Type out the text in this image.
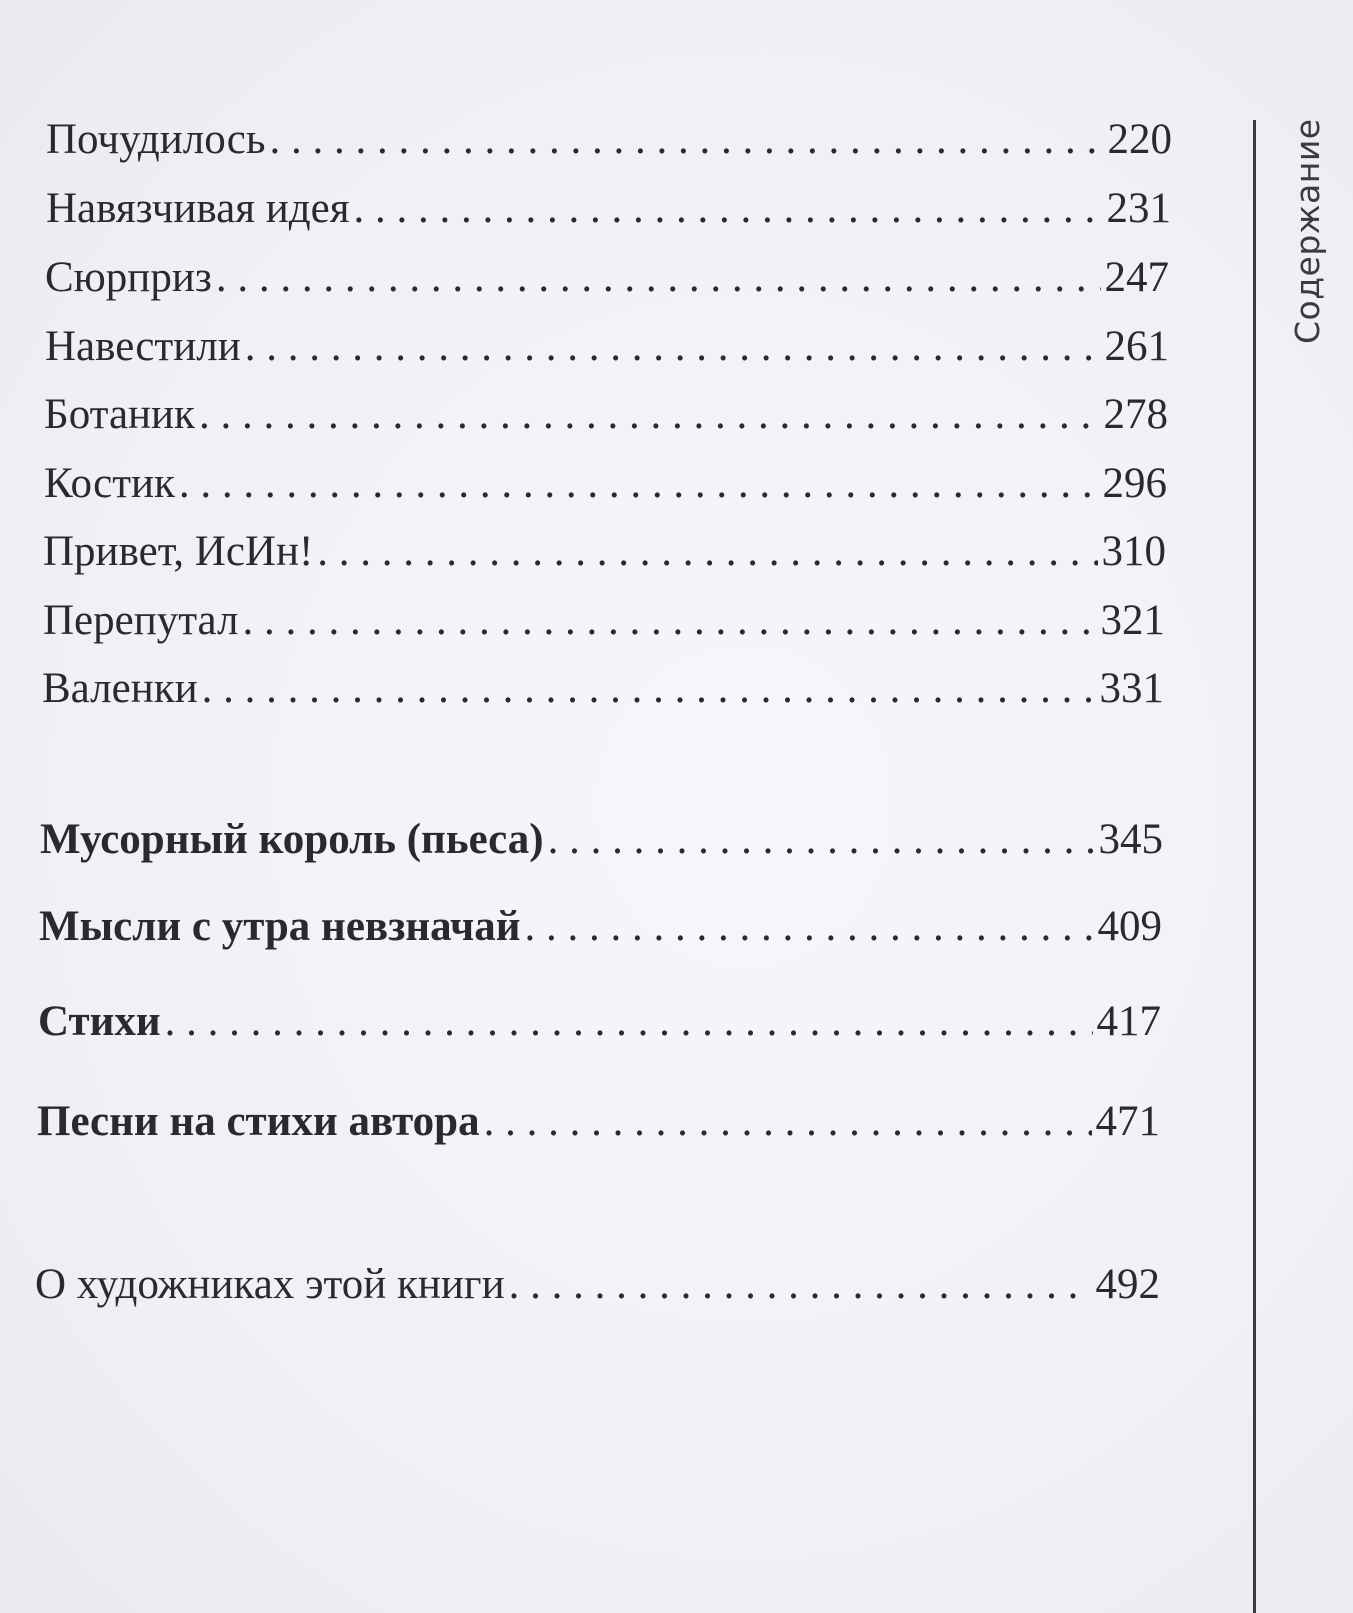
Почудилось . . .	220
Навязчивая идея . . .	231
Сюрприз . . .	247
Навестили . . .	261
Ботаник . . .	278
Костик . . .	296
Привет, ИсИн! . . .	310
Перепутал . . .	321
Валенки . . .	331
Мусорный король (пьеса) . . .	345
Мысли с утра невзначай . . .	409
Стихи . . .	417
Песни на стихи автора . . .	471
О художниках этой книги . . .	492
Содержание
